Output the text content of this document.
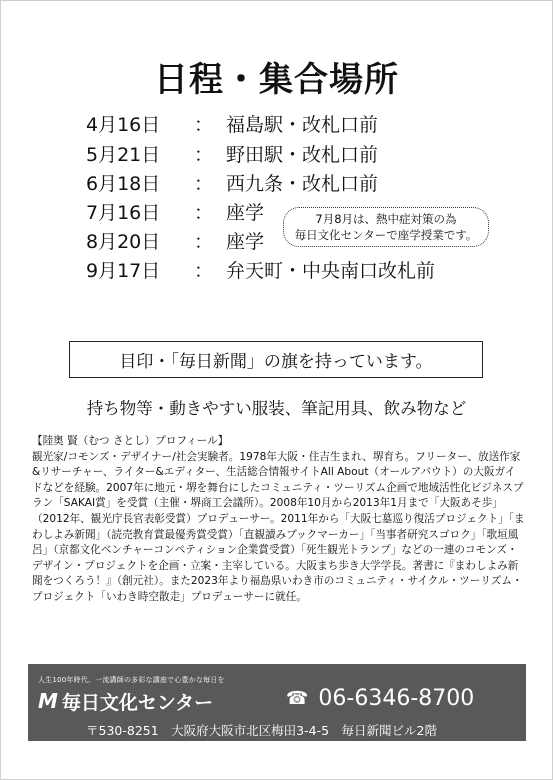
日程・集合場所
4月16日	： 福島駅・改札口前
5月21日	： 野田駅・改札口前
6月18日	： 西九条・改札口前
7月16日	： 座学
8月20日	： 座学
9月17日	： 弁天町・中央南口改札前
7月8月は、熱中症対策の為
毎日文化センターで座学授業です。
目印・「毎日新聞」の旗を持っています。
持ち物等・動きやすい服装、筆記用具、飲み物など

【陸奥 賢（むつ さとし）プロフィール】

観光家/コモンズ・デザイナー/社会実験者。1978年大阪・住吉生まれ、堺育ち。フリーター、放送作家&リサーチャー、ライター&エディター、生活総合情報サイトAll About（オールアバウト）の大阪ガイドなどを経験。2007年に地元・堺を舞台にしたコミュニティ・ツーリズム企画で地域活性化ビジネスプラン「SAKAI賞」を受賞（主催・堺商工会議所）。2008年10月から2013年1月まで「大阪あそ歩」（2012年、観光庁長官表彰受賞）プロデューサー。2011年から「大阪七墓巡り復活プロジェクト」「まわしよみ新聞」（読売教育賞最優秀賞受賞）「直観讀みブックマーカー」「当事者研究スゴロク」「歌垣風呂」（京都文化ベンチャーコンペティション企業賞受賞）「死生観光トランプ」などの一連のコモンズ・デザイン・プロジェクトを企画・立案・主宰している。大阪まち歩き大学学長。著書に『まわしよみ新聞をつくろう！』（創元社）。また2023年より福島県いわき市のコミュニティ・サイクル・ツーリズム・プロジェクト「いわき時空散走」プロデューサーに就任。

人生100年時代、一流講師の多彩な講座で心豊かな毎日を
M 毎日文化センター	☎ 06-6346-8700
〒530-8251　大阪府大阪市北区梅田3-4-5　毎日新聞ビル2階
